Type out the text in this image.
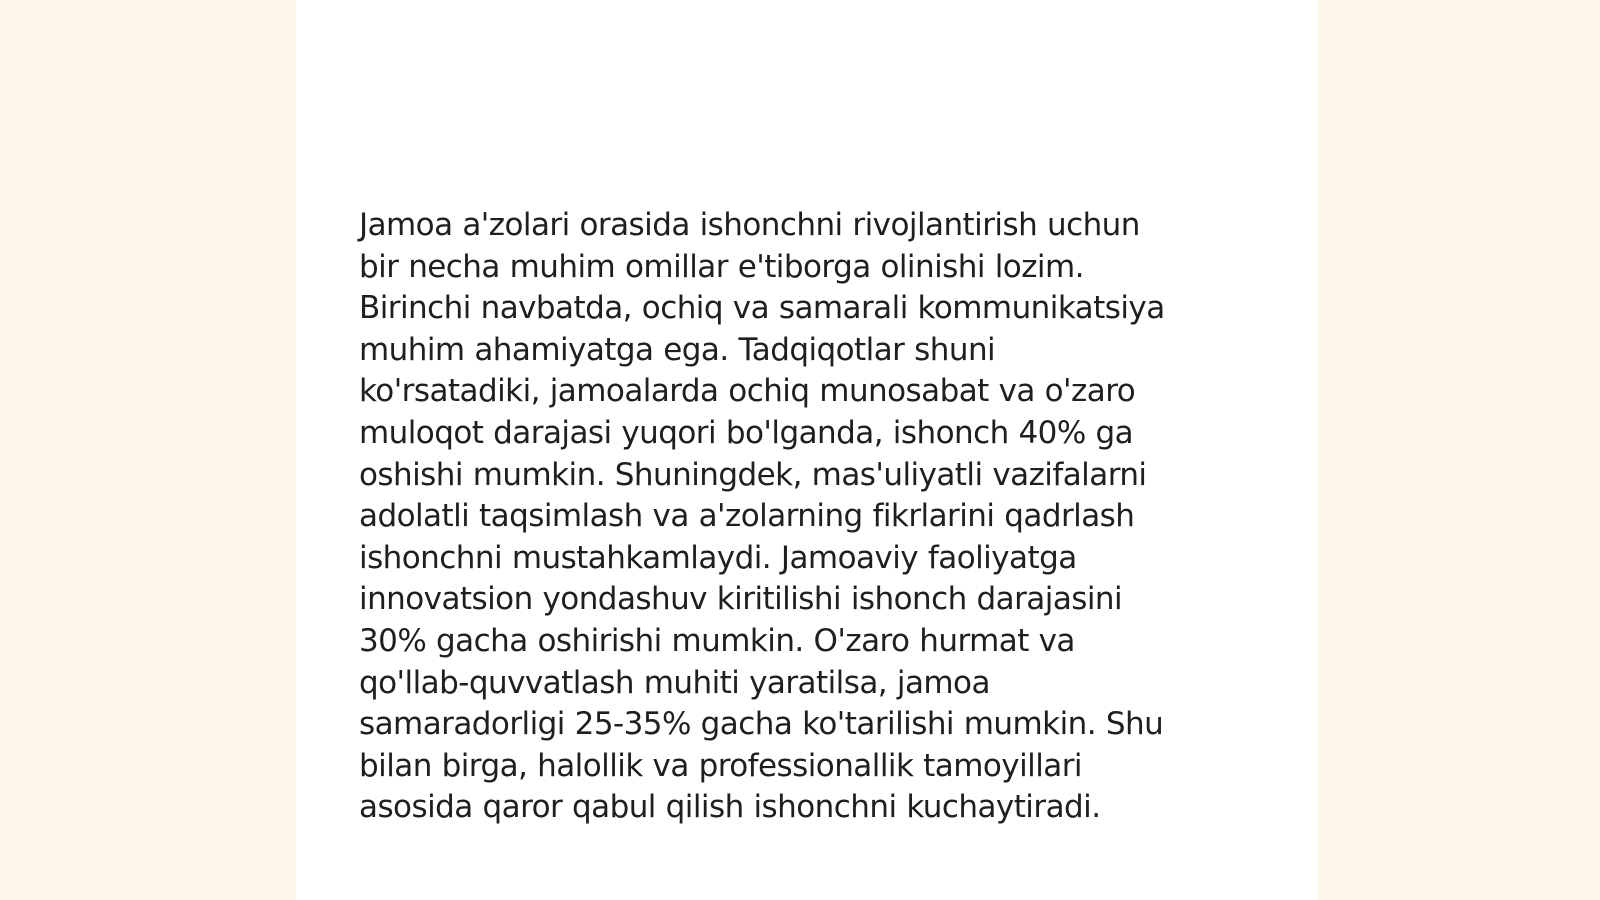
Jamoa a'zolari orasida ishonchni rivojlantirish uchun
bir necha muhim omillar e'tiborga olinishi lozim.
Birinchi navbatda, ochiq va samarali kommunikatsiya
muhim ahamiyatga ega. Tadqiqotlar shuni
ko'rsatadiki, jamoalarda ochiq munosabat va o'zaro
muloqot darajasi yuqori bo'lganda, ishonch 40% ga
oshishi mumkin. Shuningdek, mas'uliyatli vazifalarni
adolatli taqsimlash va a'zolarning fikrlarini qadrlash
ishonchni mustahkamlaydi. Jamoaviy faoliyatga
innovatsion yondashuv kiritilishi ishonch darajasini
30% gacha oshirishi mumkin. O'zaro hurmat va
qo'llab-quvvatlash muhiti yaratilsa, jamoa
samaradorligi 25-35% gacha ko'tarilishi mumkin. Shu
bilan birga, halollik va professionallik tamoyillari
asosida qaror qabul qilish ishonchni kuchaytiradi.
